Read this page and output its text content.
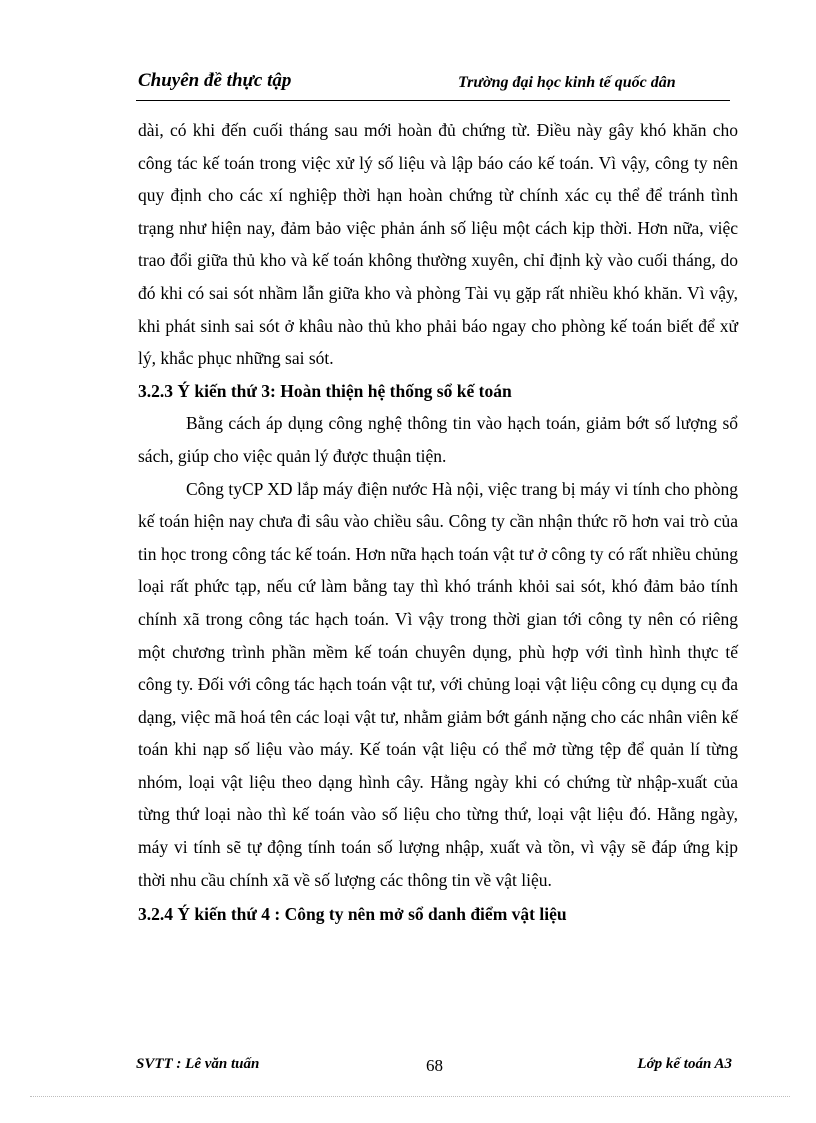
Chuyên đề thực tập	Trường đại học kinh tế quốc dân

dài, có khi đến cuối tháng sau mới hoàn đủ chứng từ. Điều này gây khó khăn cho công tác kế toán trong việc xử lý số liệu và lập báo cáo kế toán. Vì vậy, công ty nên quy định cho các xí nghiệp thời hạn hoàn chứng từ chính xác cụ thể để tránh tình trạng như hiện nay, đảm bảo việc phản ánh số liệu một cách kịp thời. Hơn nữa, việc trao đổi giữa thủ kho và kế toán không thường xuyên, chỉ định kỳ vào cuối tháng, do đó khi có sai sót nhầm lẫn giữa kho và phòng Tài vụ gặp rất nhiều khó khăn. Vì vậy, khi phát sinh sai sót ở khâu nào thủ kho phải báo ngay cho phòng kế toán biết để xử lý, khắc phục những sai sót.

3.2.3 Ý kiến thứ 3: Hoàn thiện hệ thống sổ kế toán

Bằng cách áp dụng công nghệ thông tin vào hạch toán, giảm bớt số lượng sổ sách, giúp cho việc quản lý được thuận tiện.

Công tyCP XD lắp máy điện nước Hà nội, việc trang bị máy vi tính cho phòng kế toán hiện nay chưa đi sâu vào chiều sâu. Công ty cần nhận thức rõ hơn vai trò của tin học trong công tác kế toán. Hơn nữa hạch toán vật tư ở công ty có rất nhiều chủng loại rất phức tạp, nếu cứ làm bằng tay thì khó tránh khỏi sai sót, khó đảm bảo tính chính xã trong công tác hạch toán. Vì vậy trong thời gian tới công ty nên có riêng một chương trình phần mềm kế toán chuyên dụng, phù hợp với tình hình thực tế công ty. Đối với công tác hạch toán vật tư, với chủng loại vật liệu công cụ dụng cụ đa dạng, việc mã hoá tên các loại vật tư, nhằm giảm bớt gánh nặng cho các nhân viên kế toán khi nạp số liệu vào máy. Kế toán vật liệu có thể mở từng tệp để quản lí từng nhóm, loại vật liệu theo dạng hình cây. Hằng ngày khi có chứng từ nhập-xuất của từng thứ loại nào thì kế toán vào số liệu cho từng thứ, loại vật liệu đó. Hằng ngày, máy vi tính sẽ tự động tính toán số lượng nhập, xuất và tồn, vì vậy sẽ đáp ứng kịp thời nhu cầu chính xã về số lượng các thông tin về vật liệu.

3.2.4 Ý kiến thứ 4 : Công ty nên mở sổ danh điểm vật liệu

SVTT : Lê văn tuấn	68	Lớp kế toán A3
